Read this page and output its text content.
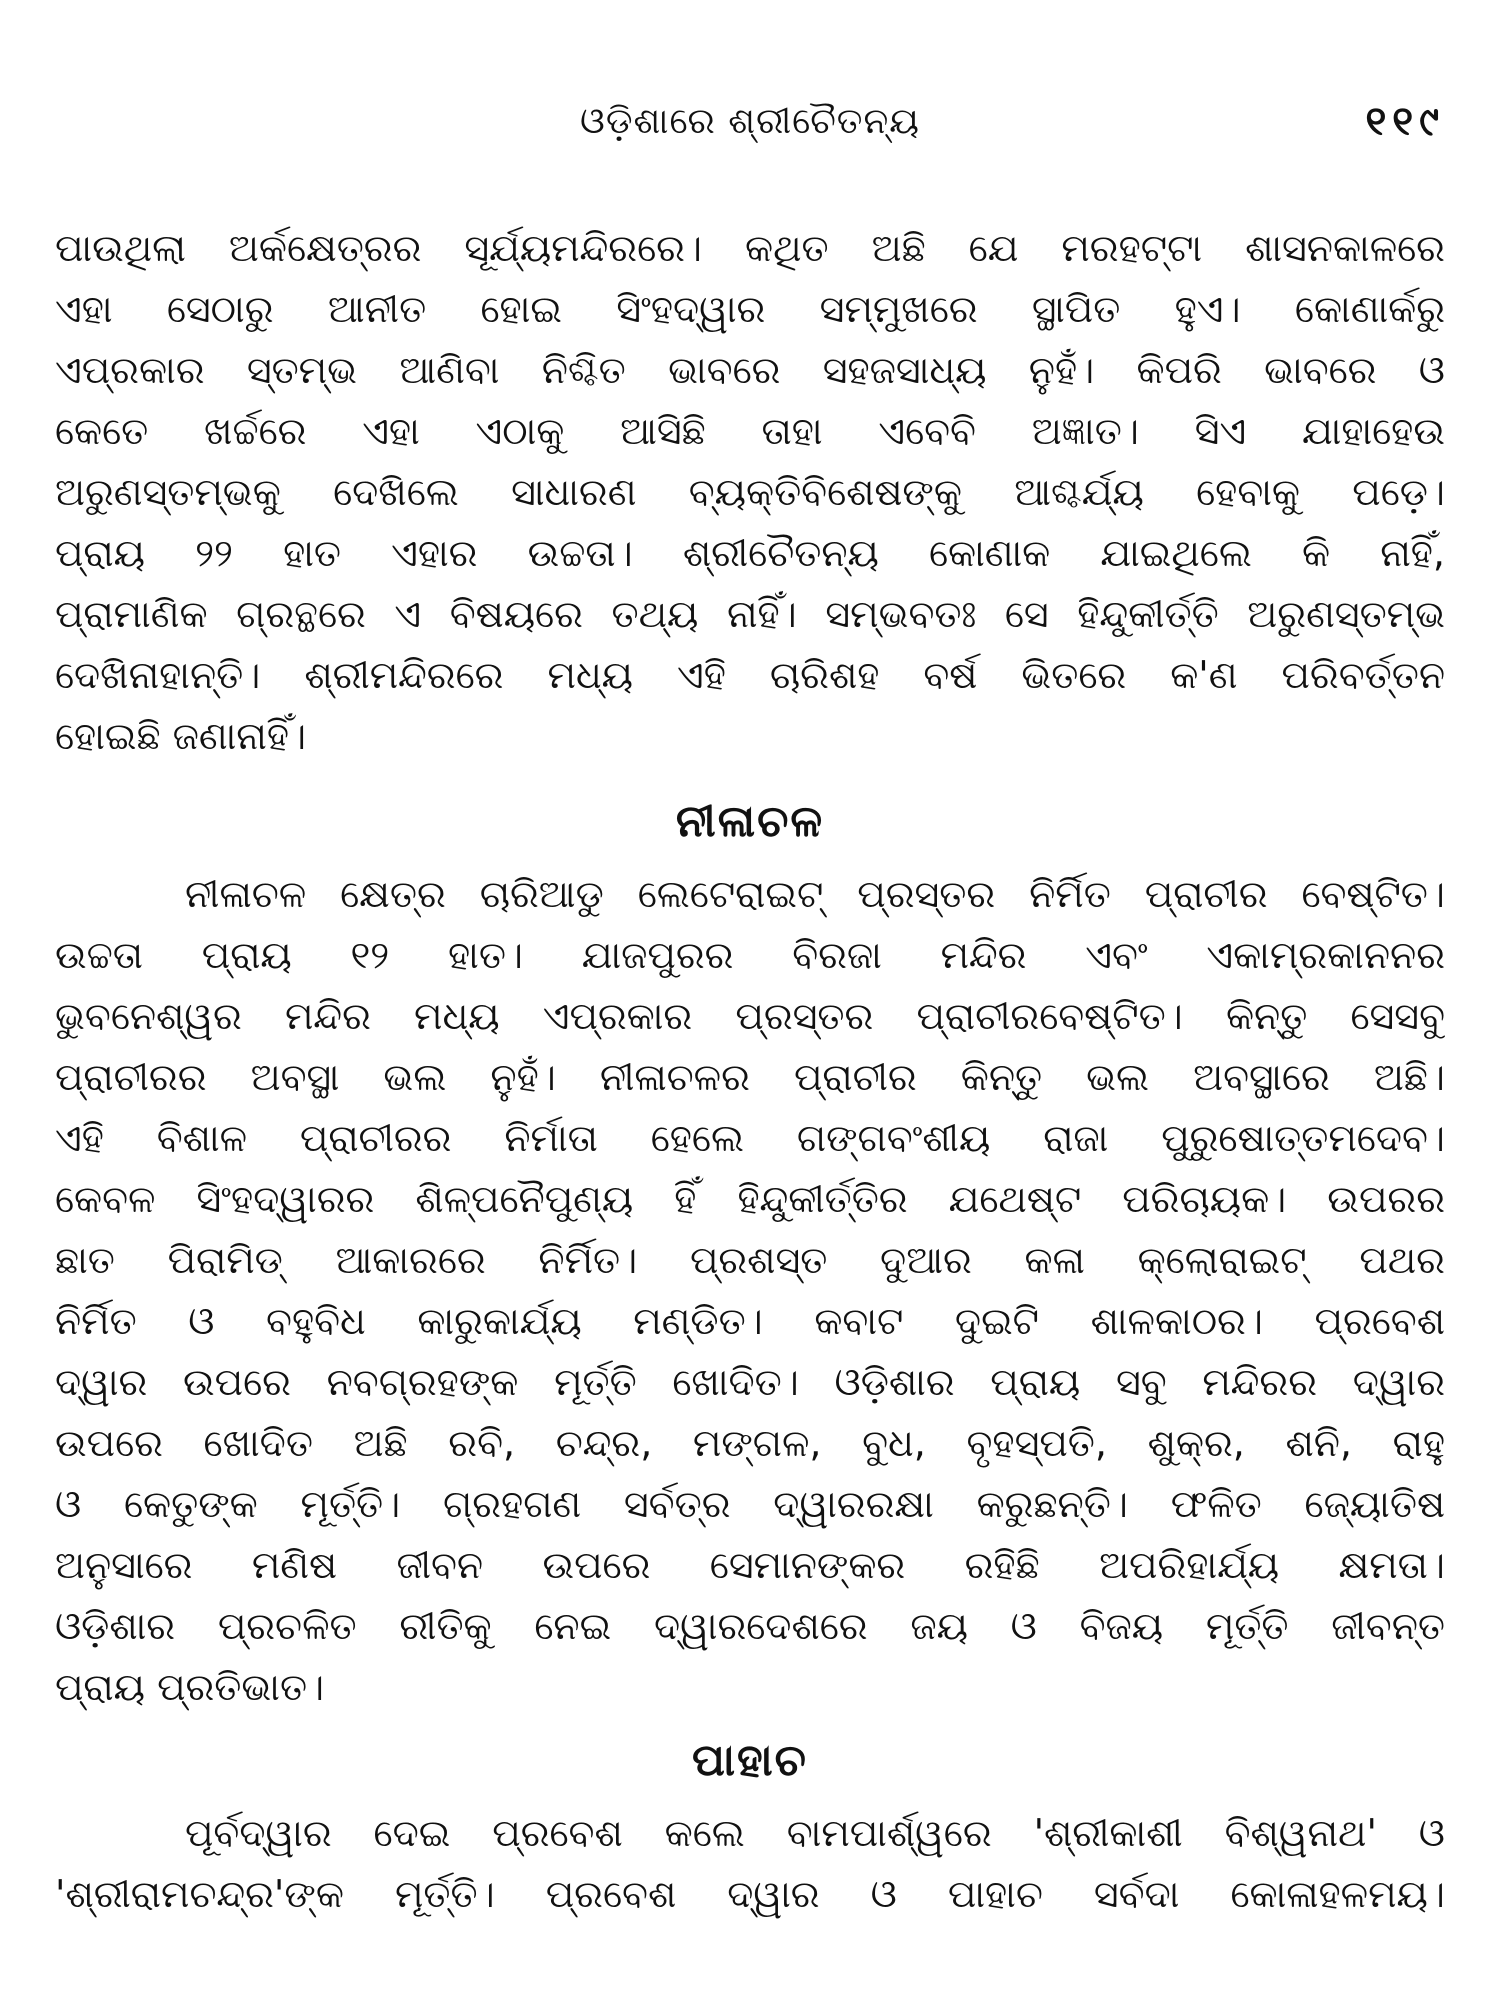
ଓଡ଼ିଶାରେ ଶ୍ରୀଚୈତନ୍ୟ	୧୧୯
ପାଉଥିଲା ଅର୍କକ୍ଷେତ୍ରର ସୂର୍ଯ୍ୟମନ୍ଦିରରେ। କଥିତ ଅଛି ଯେ ମରହଟ୍ଟା ଶାସନକାଳରେ
ଏହା ସେଠାରୁ ଆନୀତ ହୋଇ ସିଂହଦ୍ୱାର ସମ୍ମୁଖରେ ସ୍ଥାପିତ ହୁଏ। କୋଣାର୍କରୁ
ଏପ୍ରକାର ସ୍ତମ୍ଭ ଆଣିବା ନିଶ୍ଚିତ ଭାବରେ ସହଜସାଧ୍ୟ ନୁହଁ। କିପରି ଭାବରେ ଓ
କେତେ ଖର୍ଚ୍ଚରେ ଏହା ଏଠାକୁ ଆସିଛି ତାହା ଏବେବି ଅଜ୍ଞାତ। ସିଏ ଯାହାହେଉ
ଅରୁଣସ୍ତମ୍ଭକୁ ଦେଖିଲେ ସାଧାରଣ ବ୍ୟକ୍ତିବିଶେଷଙ୍କୁ ଆଶ୍ଚର୍ଯ୍ୟ ହେବାକୁ ପଡ଼େ।
ପ୍ରାୟ ୨୨ ହାତ ଏହାର ଉଚ୍ଚତା। ଶ୍ରୀଚୈତନ୍ୟ କୋଣାକ ଯାଇଥିଲେ କି ନାହିଁ,
ପ୍ରାମାଣିକ ଗ୍ରନ୍ଥରେ ଏ ବିଷୟରେ ତଥ୍ୟ ନାହିଁ। ସମ୍ଭବତଃ ସେ ହିନ୍ଦୁକୀର୍ତ୍ତି ଅରୁଣସ୍ତମ୍ଭ
ଦେଖିନାହାନ୍ତି। ଶ୍ରୀମନ୍ଦିରରେ ମଧ୍ୟ ଏହି ଚାରିଶହ ବର୍ଷ ଭିତରେ କ'ଣ ପରିବର୍ତ୍ତନ
ହୋଇଛି ଜଣାନାହିଁ।
ନୀଳାଚଳ
ନୀଳାଚଳ କ୍ଷେତ୍ର ଚାରିଆଡୁ ଲେଟେରାଇଟ୍ ପ୍ରସ୍ତର ନିର୍ମିତ ପ୍ରାଚୀର ବେଷ୍ଟିତ।
ଉଚ୍ଚତା ପ୍ରାୟ ୧୨ ହାତ। ଯାଜପୁରର ବିରଜା ମନ୍ଦିର ଏବଂ ଏକାମ୍ରକାନନର
ଭୁବନେଶ୍ୱର ମନ୍ଦିର ମଧ୍ୟ ଏପ୍ରକାର ପ୍ରସ୍ତର ପ୍ରାଚୀରବେଷ୍ଟିତ। କିନ୍ତୁ ସେସବୁ
ପ୍ରାଚୀରର ଅବସ୍ଥା ଭଲ ନୁହଁ। ନୀଳାଚଳର ପ୍ରାଚୀର କିନ୍ତୁ ଭଲ ଅବସ୍ଥାରେ ଅଛି।
ଏହି ବିଶାଳ ପ୍ରାଚୀରର ନିର୍ମାତା ହେଲେ ଗଙ୍ଗବଂଶୀୟ ରାଜା ପୁରୁଷୋତ୍ତମଦେବ।
କେବଳ ସିଂହଦ୍ୱାରର ଶିଳ୍ପନୈପୁଣ୍ୟ ହିଁ ହିନ୍ଦୁକୀର୍ତ୍ତିର ଯଥେଷ୍ଟ ପରିଚାୟକ। ଉପରର
ଛାତ ପିରାମିଡ୍ ଆକାରରେ ନିର୍ମିତ। ପ୍ରଶସ୍ତ ଦୁଆର କଳା କ୍ଲୋରାଇଟ୍ ପଥର
ନିର୍ମିତ ଓ ବହୁବିଧ କାରୁକାର୍ଯ୍ୟ ମଣ୍ଡିତ। କବାଟ ଦୁଇଟି ଶାଳକାଠର। ପ୍ରବେଶ
ଦ୍ୱାର ଉପରେ ନବଗ୍ରହଙ୍କ ମୂର୍ତ୍ତି ଖୋଦିତ। ଓଡ଼ିଶାର ପ୍ରାୟ ସବୁ ମନ୍ଦିରର ଦ୍ୱାର
ଉପରେ ଖୋଦିତ ଅଛି ରବି, ଚନ୍ଦ୍ର, ମଙ୍ଗଳ, ବୁଧ, ବୃହସ୍ପତି, ଶୁକ୍ର, ଶନି, ରାହୁ
ଓ କେତୁଙ୍କ ମୂର୍ତ୍ତି। ଗ୍ରହଗଣ ସର୍ବତ୍ର ଦ୍ୱାରରକ୍ଷା କରୁଛନ୍ତି। ଫଳିତ ଜ୍ୟୋତିଷ
ଅନୁସାରେ ମଣିଷ ଜୀବନ ଉପରେ ସେମାନଙ୍କର ରହିଛି ଅପରିହାର୍ଯ୍ୟ କ୍ଷମତା।
ଓଡ଼ିଶାର ପ୍ରଚଳିତ ରୀତିକୁ ନେଇ ଦ୍ୱାରଦେଶରେ ଜୟ ଓ ବିଜୟ ମୂର୍ତ୍ତି ଜୀବନ୍ତ
ପ୍ରାୟ ପ୍ରତିଭାତ।
ପାହାଚ
ପୂର୍ବଦ୍ୱାର ଦେଇ ପ୍ରବେଶ କଲେ ବାମପାର୍ଶ୍ୱରେ 'ଶ୍ରୀକାଶୀ ବିଶ୍ୱନାଥ' ଓ
'ଶ୍ରୀରାମଚନ୍ଦ୍ର'ଙ୍କ ମୂର୍ତ୍ତି। ପ୍ରବେଶ ଦ୍ୱାର ଓ ପାହାଚ ସର୍ବଦା କୋଳାହଳମୟ।
